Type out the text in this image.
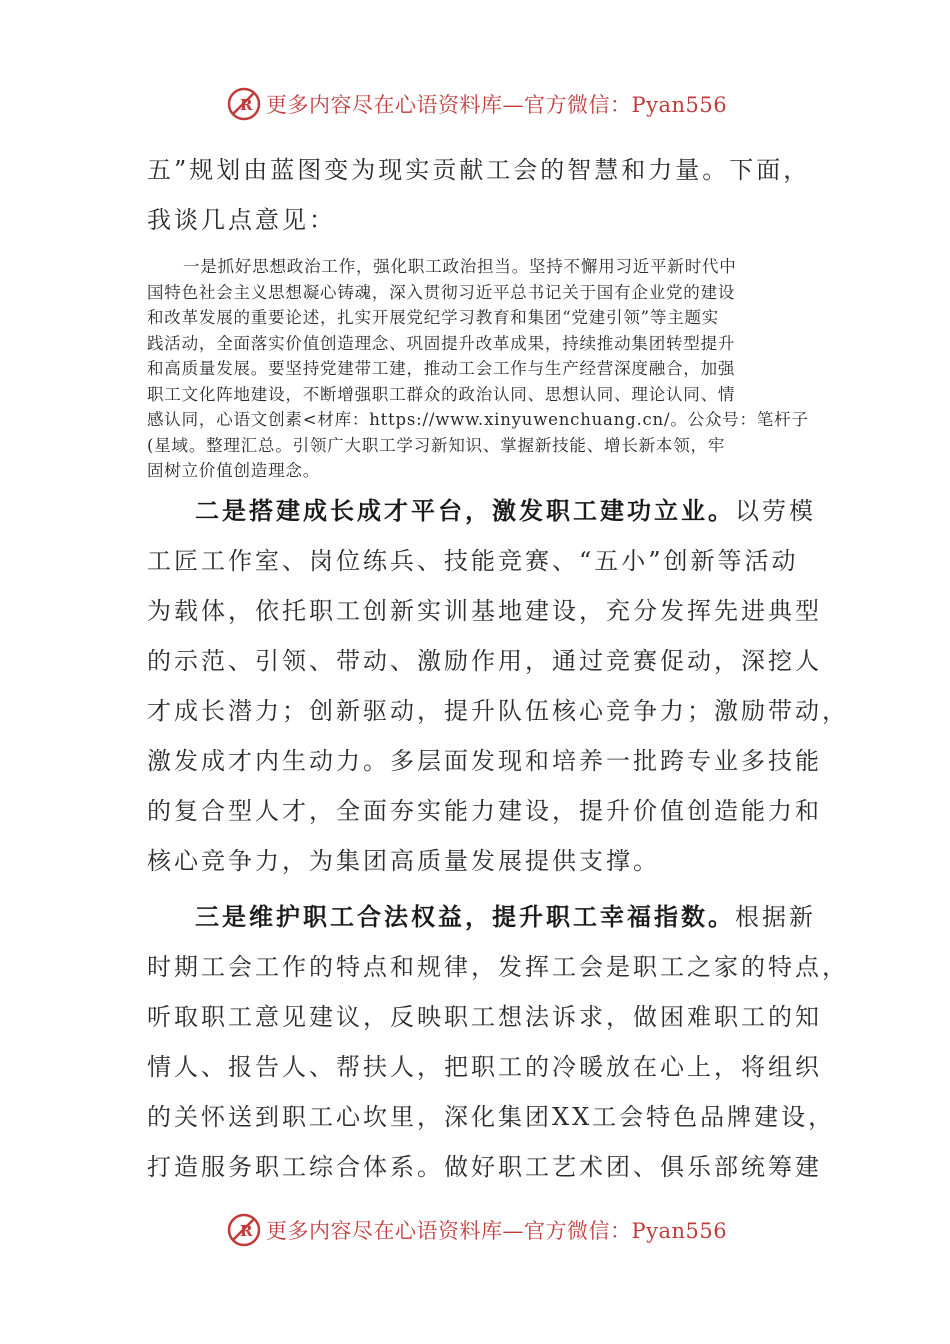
R 更多内容尽在心语资料库—官方微信：Pyan556
五”规划由蓝图变为现实贡献工会的智慧和力量。下面，
我谈几点意见：
一是抓好思想政治工作，强化职工政治担当。坚持不懈用习近平新时代中
国特色社会主义思想凝心铸魂，深入贯彻习近平总书记关于国有企业党的建设
和改革发展的重要论述，扎实开展党纪学习教育和集团“党建引领”等主题实
践活动，全面落实价值创造理念、巩固提升改革成果，持续推动集团转型提升
和高质量发展。要坚持党建带工建，推动工会工作与生产经营深度融合，加强
职工文化阵地建设，不断增强职工群众的政治认同、思想认同、理论认同、情
感认同，心语文创素<材库：https://www.xinyuwenchuang.cn/。公众号：笔杆子
(星域。整理汇总。引领广大职工学习新知识、掌握新技能、增长新本领，牢
固树立价值创造理念。
二是搭建成长成才平台，激发职工建功立业。以劳模
工匠工作室、岗位练兵、技能竞赛、“五小”创新等活动
为载体，依托职工创新实训基地建设，充分发挥先进典型
的示范、引领、带动、激励作用，通过竞赛促动，深挖人
才成长潜力；创新驱动，提升队伍核心竞争力；激励带动，
激发成才内生动力。多层面发现和培养一批跨专业多技能
的复合型人才，全面夯实能力建设，提升价值创造能力和
核心竞争力，为集团高质量发展提供支撑。
三是维护职工合法权益，提升职工幸福指数。根据新
时期工会工作的特点和规律，发挥工会是职工之家的特点，
听取职工意见建议，反映职工想法诉求，做困难职工的知
情人、报告人、帮扶人，把职工的冷暖放在心上，将组织
的关怀送到职工心坎里，深化集团XX工会特色品牌建设，
打造服务职工综合体系。做好职工艺术团、俱乐部统筹建
R 更多内容尽在心语资料库—官方微信：Pyan556
